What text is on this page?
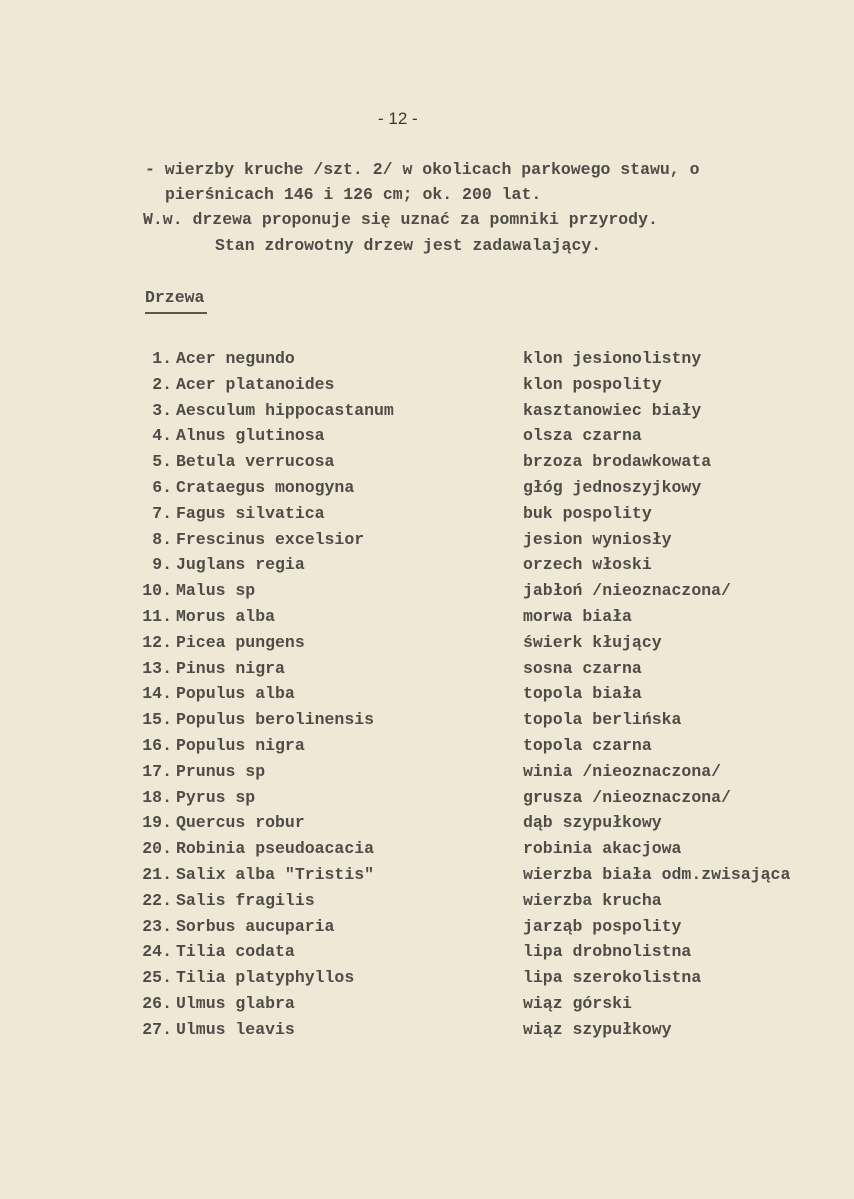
- 12 -
- wierzby kruche /szt. 2/ w okolicach parkowego stawu, o
pierśnicach 146 i 126 cm; ok. 200 lat.
W.w. drzewa proponuje się uznać za pomniki przyrody.
Stan zdrowotny drzew jest zadawalający.
Drzewa
1. Acer negundo	klon jesionolistny
2. Acer platanoides	klon pospolity
3. Aesculum hippocastanum	kasztanowiec biały
4. Alnus glutinosa	olsza czarna
5. Betula verrucosa	brzoza brodawkowata
6. Crataegus monogyna	głóg jednoszyjkowy
7. Fagus silvatica	buk pospolity
8. Frescinus excelsior	jesion wyniosły
9. Juglans regia	orzech włoski
10. Malus sp	jabłoń /nieoznaczona/
11. Morus alba	morwa biała
12. Picea pungens	świerk kłujący
13. Pinus nigra	sosna czarna
14. Populus alba	topola biała
15. Populus berolinensis	topola berlińska
16. Populus nigra	topola czarna
17. Prunus sp	winia /nieoznaczona/
18. Pyrus sp	grusza /nieoznaczona/
19. Quercus robur	dąb szypułkowy
20. Robinia pseudoacacia	robinia akacjowa
21. Salix alba "Tristis"	wierzba biała odm.zwisająca
22. Salis fragilis	wierzba krucha
23. Sorbus aucuparia	jarząb pospolity
24. Tilia codata	lipa drobnolistna
25. Tilia platyphyllos	lipa szerokolistna
26. Ulmus glabra	wiąz górski
27. Ulmus leavis	wiąz szypułkowy
